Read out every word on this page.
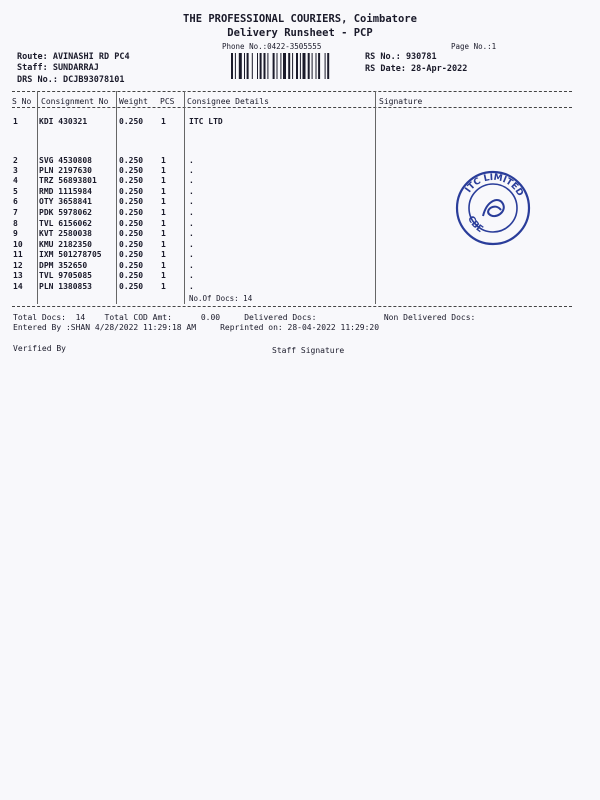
THE PROFESSIONAL COURIERS, Coimbatore
Delivery Runsheet - PCP
Phone No.:0422-3505555	Page No.:1
Route: AVINASHI RD PC4
Staff: SUNDARRAJ
DRS No.: DCJB93078101
RS No.: 930781
RS Date: 28-Apr-2022
S No Consignment No Weight PCS Consignee Details	Signature
1	KDI 430321	0.250 1	ITC LTD
2	SVG 4530808	0.250 1	.
3	PLN 2197630	0.250 1	.
4	TRZ 56893801	0.250 1	.
5	RMD 1115984	0.250 1	.
6	OTY 3658841	0.250 1	.
7	PDK 5978062	0.250 1	.
8	TVL 6156062	0.250 1	.
9	KVT 2580038	0.250 1	.
10 KMU 2182350	0.250 1	.
11 IXM 501278705 0.250 1	.
12 DPM 352650	0.250 1	.
13 TVL 9705085	0.250 1	.
14 PLN 1380853	0.250 1	.
No.Of Docs: 14
Total Docs:  14    Total COD Amt:      0.00     Delivered Docs:              Non Delivered Docs:
Entered By :SHAN 4/28/2022 11:29:18 AM     Reprinted on: 28-04-2022 11:29:20
Verified By	Staff Signature
ITC LIMITED
CBE
